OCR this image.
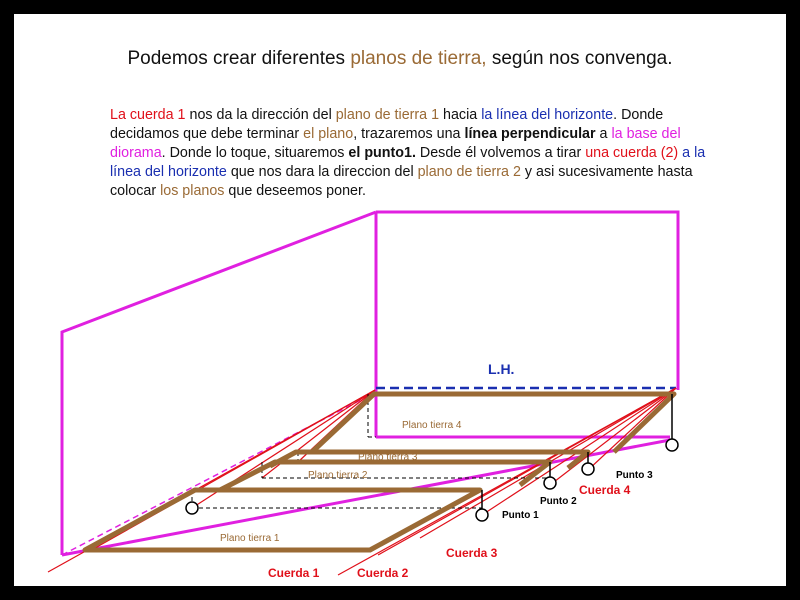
Podemos crear diferentes planos de tierra, según nos convenga.
La cuerda 1 nos da la dirección del plano de tierra 1 hacia la línea del horizonte. Donde decidamos que debe terminar el plano, trazaremos una línea perpendicular a la base del diorama. Donde lo toque, situaremos el punto1. Desde él volvemos a tirar una cuerda (2) a la línea del horizonte que nos dara la direccion del plano de tierra 2 y asi sucesivamente hasta colocar los planos que deseemos poner.
L.H.
Plano tierra 1
Plano tierra 2
Plano tierra 3
Plano tierra 4
Punto 1
Punto 2
Punto 3
Cuerda 1	Cuerda 2
Cuerda 3
Cuerda 4
